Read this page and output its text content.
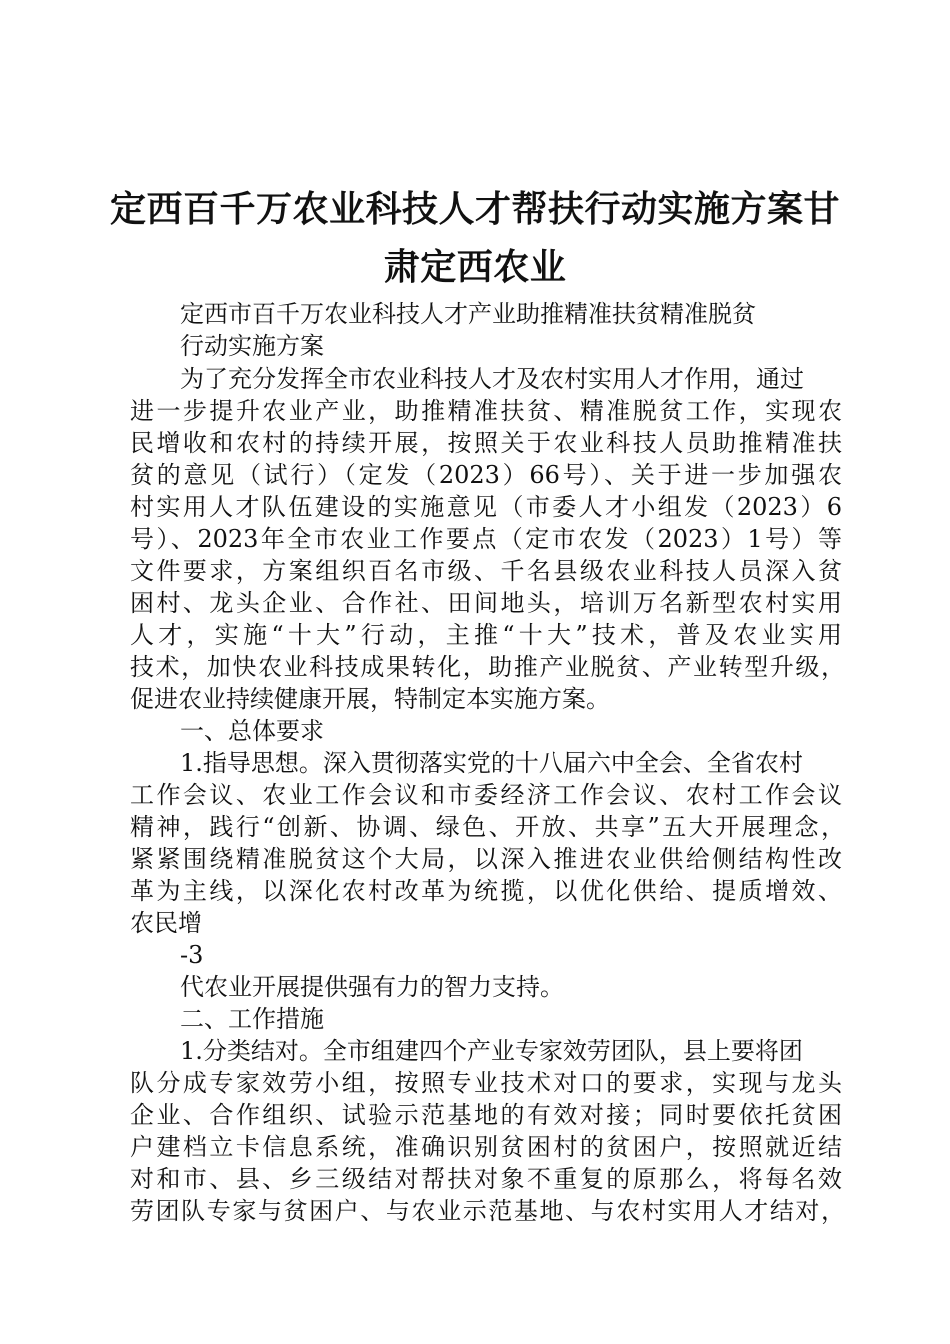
定西百千万农业科技人才帮扶行动实施方案甘
肃定西农业
定西市百千万农业科技人才产业助推精准扶贫精准脱贫
行动实施方案
为了充分发挥全市农业科技人才及农村实用人才作用，通过
进一步提升农业产业，助推精准扶贫、精准脱贫工作，实现农
民增收和农村的持续开展，按照关于农业科技人员助推精准扶
贫的意见（试行）（定发（2023）66号）、关于进一步加强农
村实用人才队伍建设的实施意见（市委人才小组发（2023）6
号）、2023年全市农业工作要点（定市农发（2023）1号）等
文件要求，方案组织百名市级、千名县级农业科技人员深入贫
困村、龙头企业、合作社、田间地头，培训万名新型农村实用
人才，实施“十大”行动，主推“十大”技术，普及农业实用
技术，加快农业科技成果转化，助推产业脱贫、产业转型升级，
促进农业持续健康开展，特制定本实施方案。
一、总体要求
1.指导思想。深入贯彻落实党的十八届六中全会、全省农村
工作会议、农业工作会议和市委经济工作会议、农村工作会议
精神，践行“创新、协调、绿色、开放、共享”五大开展理念，
紧紧围绕精准脱贫这个大局，以深入推进农业供给侧结构性改
革为主线，以深化农村改革为统揽，以优化供给、提质增效、
农民增
-3
代农业开展提供强有力的智力支持。
二、工作措施
1.分类结对。全市组建四个产业专家效劳团队，县上要将团
队分成专家效劳小组，按照专业技术对口的要求，实现与龙头
企业、合作组织、试验示范基地的有效对接；同时要依托贫困
户建档立卡信息系统，准确识别贫困村的贫困户，按照就近结
对和市、县、乡三级结对帮扶对象不重复的原那么，将每名效
劳团队专家与贫困户、与农业示范基地、与农村实用人才结对，
